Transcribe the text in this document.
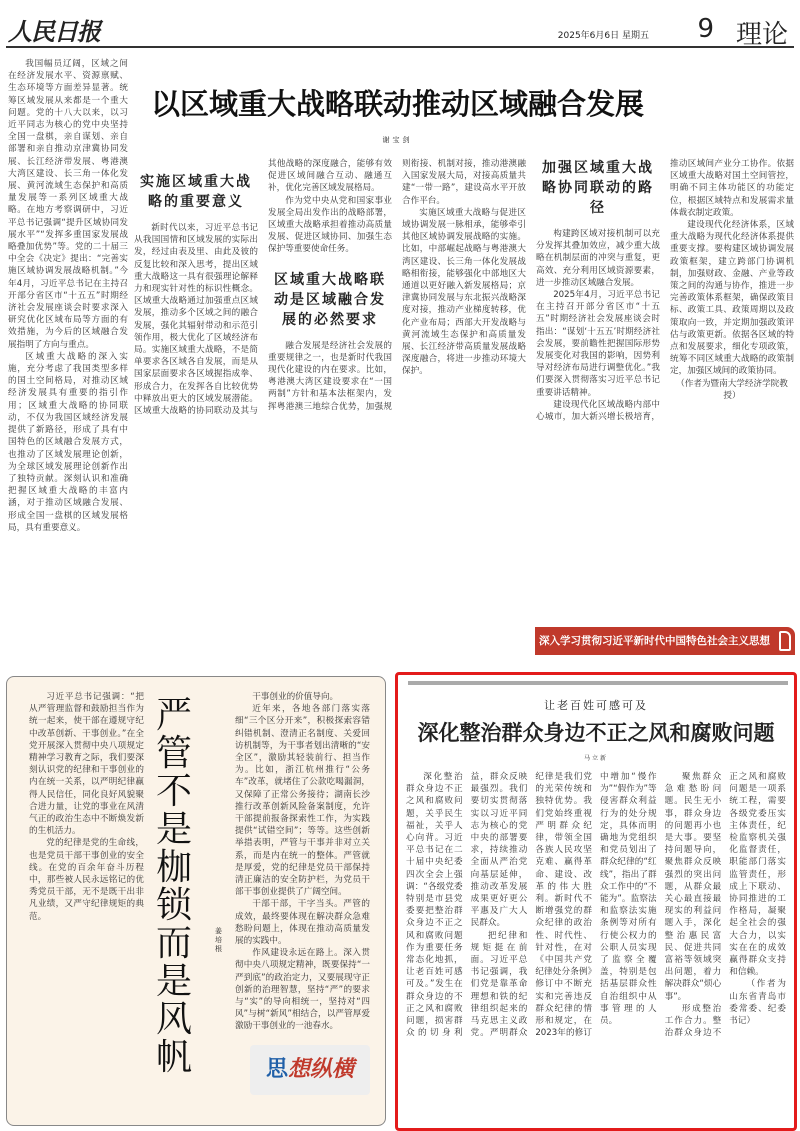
人民日报	2025年6月6日 星期五 9 理论

我国幅员辽阔，区域之间在经济发展水平、资源禀赋、生态环境等方面差异显著。统筹区域发展从来都是一个重大问题。党的十八大以来，以习近平同志为核心的党中央坚持全国一盘棋，亲自谋划、亲自部署和亲自推动京津冀协同发展、长江经济带发展、粤港澳大湾区建设、长三角一体化发展、黄河流域生态保护和高质量发展等一系列区域重大战略。在地方考察调研中，习近平总书记强调“提升区域协同发展水平”“发挥多重国家发展战略叠加优势”等。党的二十届三中全会《决定》提出：“完善实施区域协调发展战略机制。”今年4月，习近平总书记在主持召开部分省区市“十五五”时期经济社会发展座谈会时要求深入研究优化区域布局等方面的有效措施，为今后的区域融合发展指明了方向与重点。

区域重大战略的深入实施，充分考虑了我国类型多样的国土空间格局，对推动区域经济发展具有重要的指引作用；区域重大战略的协同联动，不仅为我国区域经济发展提供了新路径，形成了具有中国特色的区域融合发展方式，也推动了区域发展理论创新，为全球区域发展理论创新作出了独特贡献。深刻认识和准确把握区域重大战略的丰富内涵，对于推动区域融合发展、形成全国一盘棋的区域发展格局，具有重要意义。

以区域重大战略联动推动区域融合发展
谢宝剑
实施区域重大战略的重要意义

新时代以来，习近平总书记从我国国情和区域发展的实际出发，经过由表及里、由此及彼的反复比较和深入思考，提出区域重大战略这一具有很强理论解释力和现实针对性的标识性概念。区域重大战略通过加强重点区域发展，推动多个区域之间的融合发展，强化其辐射带动和示范引领作用，极大优化了区域经济布局。实施区域重大战略，不是简单要求各区域各自发展，而是从国家层面要求各区域握指成拳、形成合力，在发挥各自比较优势中释放出更大的区域发展潜能。区域重大战略的协同联动及其与其他战略的深度融合，能够有效促进区域间融合互动、融通互补，优化完善区域发展格局。

作为党中央从党和国家事业发展全局出发作出的战略部署，区域重大战略承担着推动高质量发展、促进区域协同、加强生态保护等重要使命任务。

区域重大战略联动是区域融合发展的必然要求

融合发展是经济社会发展的重要规律之一，也是新时代我国现代化建设的内在要求。比如，粤港澳大湾区建设要求在“一国两制”方针和基本法框架内，发挥粤港澳三地综合优势，加强规则衔接、机制对接，推动港澳融入国家发展大局，对接高质量共建“一带一路”，建设高水平开放合作平台。

实施区域重大战略与促进区域协调发展一脉相承，能够牵引其他区域协调发展战略的实施。比如，中部崛起战略与粤港澳大湾区建设、长三角一体化发展战略相衔接，能够强化中部地区大通道以更好融入新发展格局；京津冀协同发展与东北振兴战略深度对接，推动产业梯度转移，优化产业布局；西部大开发战略与黄河流域生态保护和高质量发展、长江经济带高质量发展战略深度融合，将进一步推动环境大保护。

加强区域重大战略协同联动的路径

构建跨区域对接机制可以充分发挥其叠加效应，减少重大战略在机制层面的冲突与重复，更高效、充分利用区域资源要素，进一步推动区域融合发展。

2025年4月，习近平总书记在主持召开部分省区市“十五五”时期经济社会发展座谈会时指出：“谋划‘十五五’时期经济社会发展，要前瞻性把握国际形势发展变化对我国的影响，因势利导对经济布局进行调整优化。”我们要深入贯彻落实习近平总书记重要讲话精神。

建设现代化区域战略内部中心城市，加大新兴增长极培育，推动区域间产业分工协作。依据区域重大战略对国土空间管控，明确不同主体功能区的功能定位，根据区域特点和发展需求量体裁衣制定政策。

建设现代化经济体系，区域重大战略为现代化经济体系提供重要支撑。要构建区域协调发展政策框架，建立跨部门协调机制，加强财政、金融、产业等政策之间的沟通与协作，推进一步完善政策体系框架，确保政策目标、政策工具、政策周期以及政策取向一致，并定期加强政策评估与政策更新。依据各区域的特点和发展要求，细化专项政策，统筹不同区域重大战略的政策制定，加强区域间的政策协同。

（作者为暨南大学经济学院教授）

深入学习贯彻习近平新时代中国特色社会主义思想

习近平总书记强调：“把从严管理监督和鼓励担当作为统一起来，使干部在遵规守纪中改革创新、干事创业。”在全党开展深入贯彻中央八项规定精神学习教育之际，我们要深刻认识党的纪律和干事创业的内在统一关系，以严明纪律赢得人民信任，同化良好风貌聚合进力量，让党的事业在风清气正的政治生态中不断焕发新的生机活力。

党的纪律是党的生命线，也是党员干部干事创业的安全线。在党的百余年奋斗历程中，那些被人民永远铭记的优秀党员干部，无不是既干出非凡业绩，又严守纪律规矩的典范。

严管不是枷锁而是风帆
姜培根

干事创业的价值导向。

近年来，各地各部门落实落细“三个区分开来”，积极探索容错纠错机制、澄清正名制度、关爱回访机制等，为干事者划出清晰的“安全区”，激励其轻装前行、担当作为。比如，浙江杭州推行“公务车”改革，就堵住了公款吃喝漏洞，又保障了正常公务接待；湖南长沙推行改革创新风险备案制度，允许干部提前报备探索性工作，为实践提供“试错空间”；等等。这些创新举措表明，严管与干事并非对立关系，而是内在统一的整体。严管就是厚爱，党的纪律是党员干部保持清正廉洁的安全防护栏，为党员干部干事创业提供了广阔空间。

干部干部，干字当头。严管的成效，最终要体现在解决群众急难愁盼问题上，体现在推动高质量发展的实践中。

作风建设永远在路上。深入贯彻中央八项规定精神，既要保持“一严到底”的政治定力，又要展现守正创新的治理智慧，坚持“严”的要求与“实”的导向相统一，坚持对“四风”与树“新风”相结合，以严管厚爱激励干事创业的一池春水。

思想纵横
让老百姓可感可及
深化整治群众身边不正之风和腐败问题
马立新

深化整治群众身边不正之风和腐败问题，关乎民生福祉，关乎人心向背。习近平总书记在二十届中央纪委四次全会上强调：“各级党委特别是市县党委要把整治群众身边不正之风和腐败问题作为重要任务常态化地抓，让老百姓可感可及。”发生在群众身边的不正之风和腐败问题，损害群众的切身利益，群众反映最强烈。我们要切实贯彻落实以习近平同志为核心的党中央的部署要求，持续推动全面从严治党向基层延伸，推动改革发展成果更好更公平惠及广大人民群众。

把纪律和规矩挺在前面。习近平总书记强调，我们党是靠革命理想和铁的纪律组织起来的马克思主义政党。严明群众纪律是我们党的光荣传统和独特优势。我们党始终重视严明群众纪律，带领全国各族人民攻坚克难、赢得革命、建设、改革的伟大胜利。新时代不断增强党的群众纪律的政治性、时代性、针对性，在对《中国共产党纪律处分条例》修订中不断充实和完善违反群众纪律的情形和规定，在2023年的修订中增加“慢作为”“假作为”等侵害群众利益行为的处分规定，具体而明确地为党组织和党员划出了群众纪律的“红线”，指出了群众工作中的“不能为”。监察法和监察法实施条例等对所有行使公权力的公职人员实现了监察全覆盖，特别是包括基层群众性自治组织中从事管理的人员。

聚焦群众急难愁盼问题。民生无小事，群众身边的问题再小也是大事。要坚持问题导向，聚焦群众反映强烈的突出问题，从群众最关心最直接最现实的利益问题入手，深化整治惠民富民、促进共同富裕等领域突出问题，着力解决群众“烦心事”。

形成整治工作合力。整治群众身边不正之风和腐败问题是一项系统工程，需要各级党委压实主体责任，纪检监察机关强化监督责任，职能部门落实监管责任，形成上下联动、协同推进的工作格局，凝聚起全社会的强大合力，以实实在在的成效赢得群众支持和信赖。

（作者为山东省青岛市委常委、纪委书记）
